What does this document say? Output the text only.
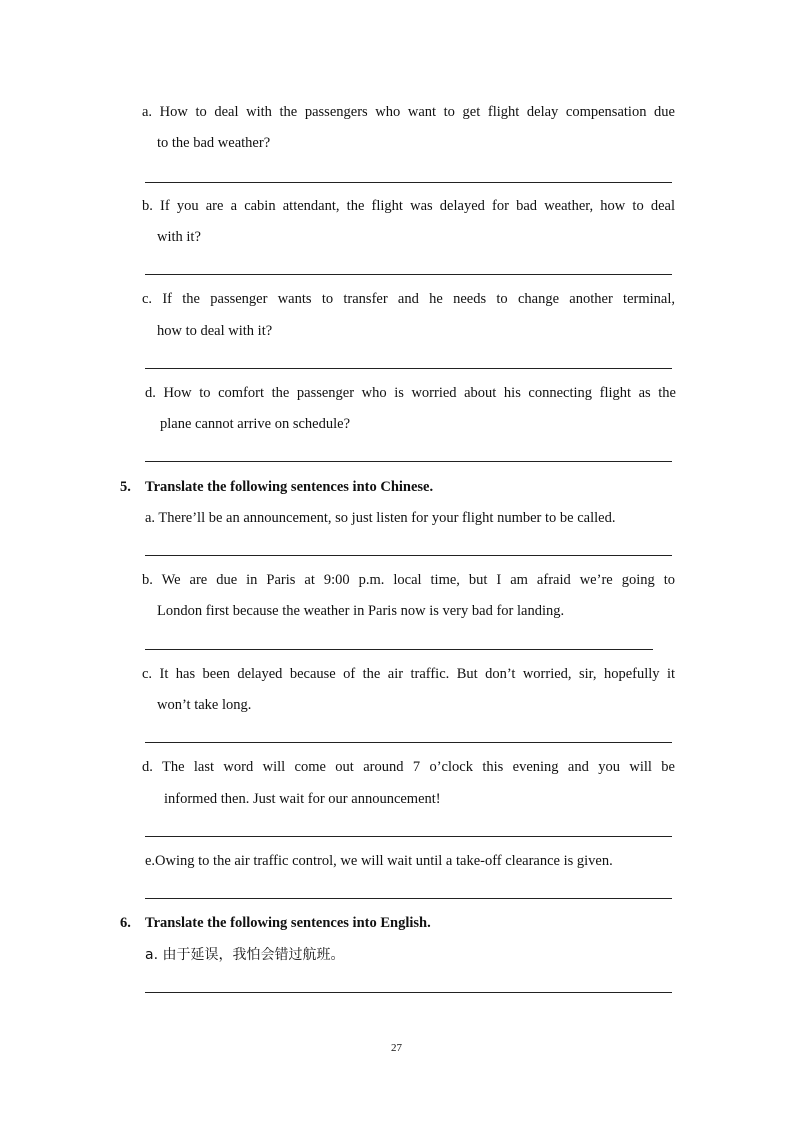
a. How to deal with the passengers who want to get flight delay compensation due
to the bad weather?
b. If you are a cabin attendant, the flight was delayed for bad weather, how to deal
with it?
c. If the passenger wants to transfer and he needs to change another terminal,
how to deal with it?
d. How to comfort the passenger who is worried about his connecting flight as the
plane cannot arrive on schedule?
5. Translate the following sentences into Chinese.
a. There’ll be an announcement, so just listen for your flight number to be called.
b. We are due in Paris at 9:00 p.m. local time, but I am afraid we’re going to
London first because the weather in Paris now is very bad for landing.
c. It has been delayed because of the air traffic. But don’t worried, sir, hopefully it
won’t take long.
d. The last word will come out around 7 o’clock this evening and you will be
informed then. Just wait for our announcement!
e.Owing to the air traffic control, we will wait until a take-off clearance is given.
6. Translate the following sentences into English.
a. 由于延误，我怕会错过航班。
27
